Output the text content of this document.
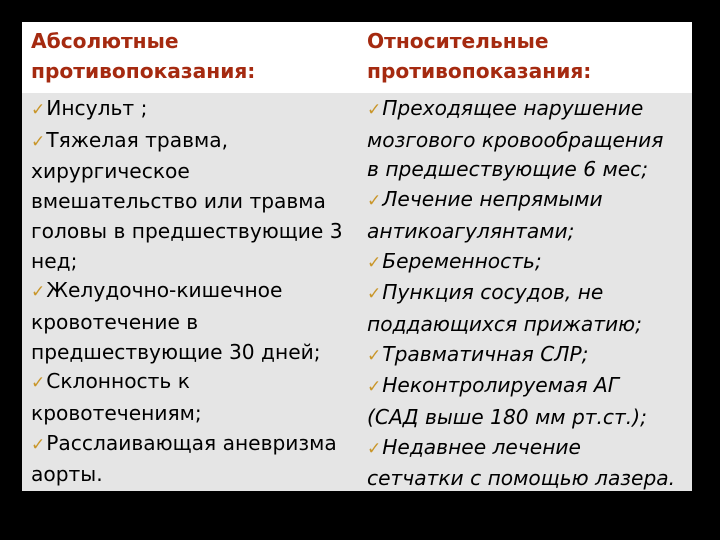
Абсолютные
противопоказания:
Относительные
противопоказания:
✓Инсульт ;
✓Тяжелая травма,
хирургическое
вмешательство или травма
головы в предшествующие 3
нед;
✓Желудочно-кишечное
кровотечение в
предшествующие 30 дней;
✓Склонность к
кровотечениям;
✓Расслаивающая аневризма
аорты.
✓Преходящее нарушение
мозгового кровообращения
в предшествующие 6 мес;
✓Лечение непрямыми
антикоагулянтами;
✓Беременность;
✓Пункция сосудов, не
поддающихся прижатию;
✓Травматичная СЛР;
✓Неконтролируемая АГ
(САД выше 180 мм рт.ст.);
✓Недавнее лечение
сетчатки с помощью лазера.
